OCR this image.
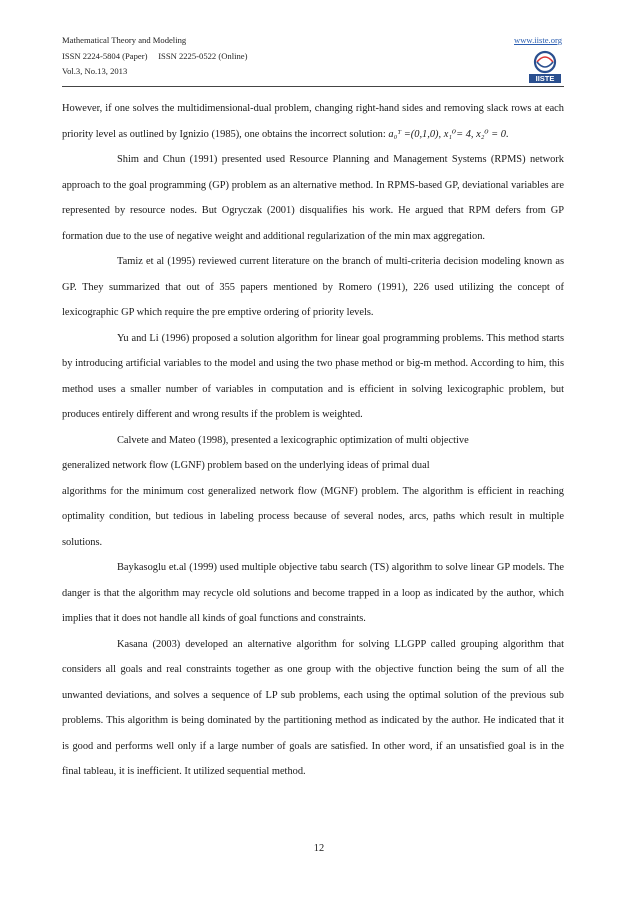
Mathematical Theory and Modeling
ISSN 2224-5804 (Paper)     ISSN 2225-0522 (Online)
Vol.3, No.13, 2013
www.iiste.org
IISTE

However, if one solves the multidimensional-dual problem, changing right-hand sides and removing slack rows at each priority level as outlined by Ignizio (1985), one obtains the incorrect solution: a₀ᵀ =(0,1,0), x₁⁰= 4, x₂⁰ = 0.

Shim and Chun (1991) presented used Resource Planning and Management Systems (RPMS) network approach to the goal programming (GP) problem as an alternative method. In RPMS-based GP, deviational variables are represented by resource nodes. But Ogryczak (2001) disqualifies his work. He argued that RPM defers from GP formation due to the use of negative weight and additional regularization of the min max aggregation.

Tamiz et al (1995) reviewed current literature on the branch of multi-criteria decision modeling known as GP. They summarized that out of 355 papers mentioned by Romero (1991), 226 used utilizing the concept of lexicographic GP which require the pre emptive ordering of priority levels.

Yu and Li (1996) proposed a solution algorithm for linear goal programming problems. This method starts by introducing artificial variables to the model and using the two phase method or big-m method. According to him, this method uses a smaller number of variables in computation and is efficient in solving lexicographic problem, but produces entirely different and wrong results if the problem is weighted.

Calvete and Mateo (1998), presented a lexicographic optimization of multi objective

generalized network flow (LGNF) problem based on the underlying ideas of primal dual

algorithms for the minimum cost generalized network flow (MGNF) problem. The algorithm is efficient in reaching optimality condition, but tedious in labeling process because of several nodes, arcs, paths which result in multiple solutions.

Baykasoglu et.al (1999) used multiple objective tabu search (TS) algorithm to solve linear GP models. The danger is that the algorithm may recycle old solutions and become trapped in a loop as indicated by the author, which implies that it does not handle all kinds of goal functions and constraints.

Kasana (2003) developed an alternative algorithm for solving LLGPP called grouping algorithm that considers all goals and real constraints together as one group with the objective function being the sum of all the unwanted deviations, and solves a sequence of LP sub problems, each using the optimal solution of the previous sub problems. This algorithm is being dominated by the partitioning method as indicated by the author. He indicated that it is good and performs well only if a large number of goals are satisfied. In other word, if an unsatisfied goal is in the final tableau, it is inefficient. It utilized sequential method.

12
